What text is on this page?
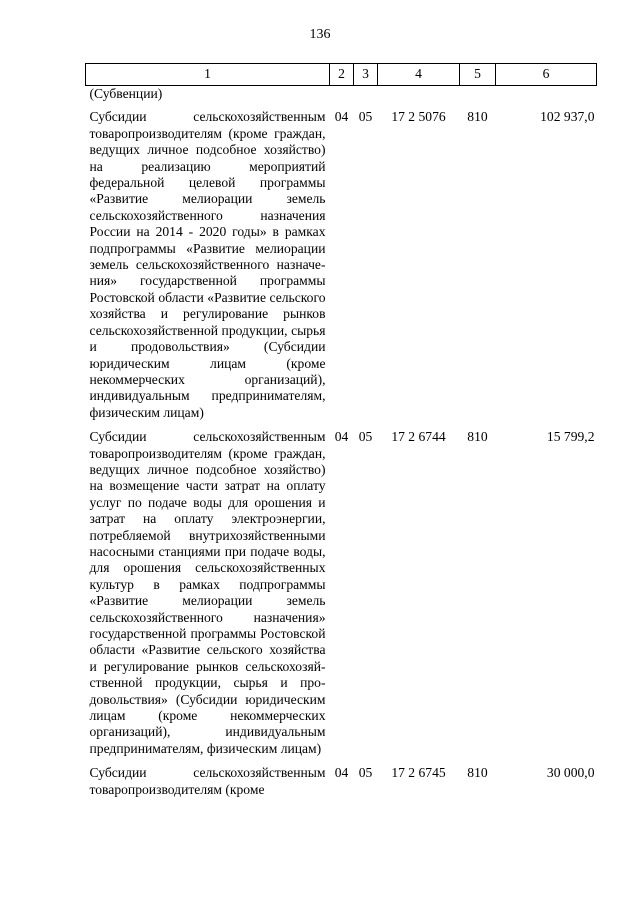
136
1	2	3	4	5	6
(Субвенции)					
Субсидии сельскохозяйственным товаропроизводителям (кроме граждан, ведущих личное подсобное хозяйство) на реализацию мероприятий федеральной целевой программы «Развитие мелиорации земель сельскохозяйственного назначения России на 2014 - 2020 годы» в рамках подпрограммы «Развитие мелиорации земель сельскохозяйственного назначения» государственной программы Ростовской области «Развитие сельского хозяйства и регулирование рынков сельскохозяйственной продукции, сырья и продовольствия» (Субсидии юридическим лицам (кроме некоммерческих организаций), индивидуальным предпринимателям, физическим лицам)	04	05	17 2 5076	810	102 937,0
Субсидии сельскохозяйственным товаропроизводителям (кроме граждан, ведущих личное подсобное хозяйство) на возмещение части затрат на оплату услуг по подаче воды для орошения и затрат на оплату электроэнергии, потребляемой внутрихозяйственными насосными станциями при подаче воды, для орошения сельскохозяйственных культур в рамках подпрограммы «Развитие мелиорации земель сельскохозяйственного назначения» государственной программы Ростовской области «Развитие сельского хозяйства и регулирование рынков сельскохозяйственной продукции, сырья и продовольствия» (Субсидии юридическим лицам (кроме некоммерческих организаций), индивидуальным предпринимателям, физическим лицам)	04	05	17 2 6744	810	15 799,2
Субсидии сельскохозяйственным товаропроизводителям (кроме	04	05	17 2 6745	810	30 000,0
